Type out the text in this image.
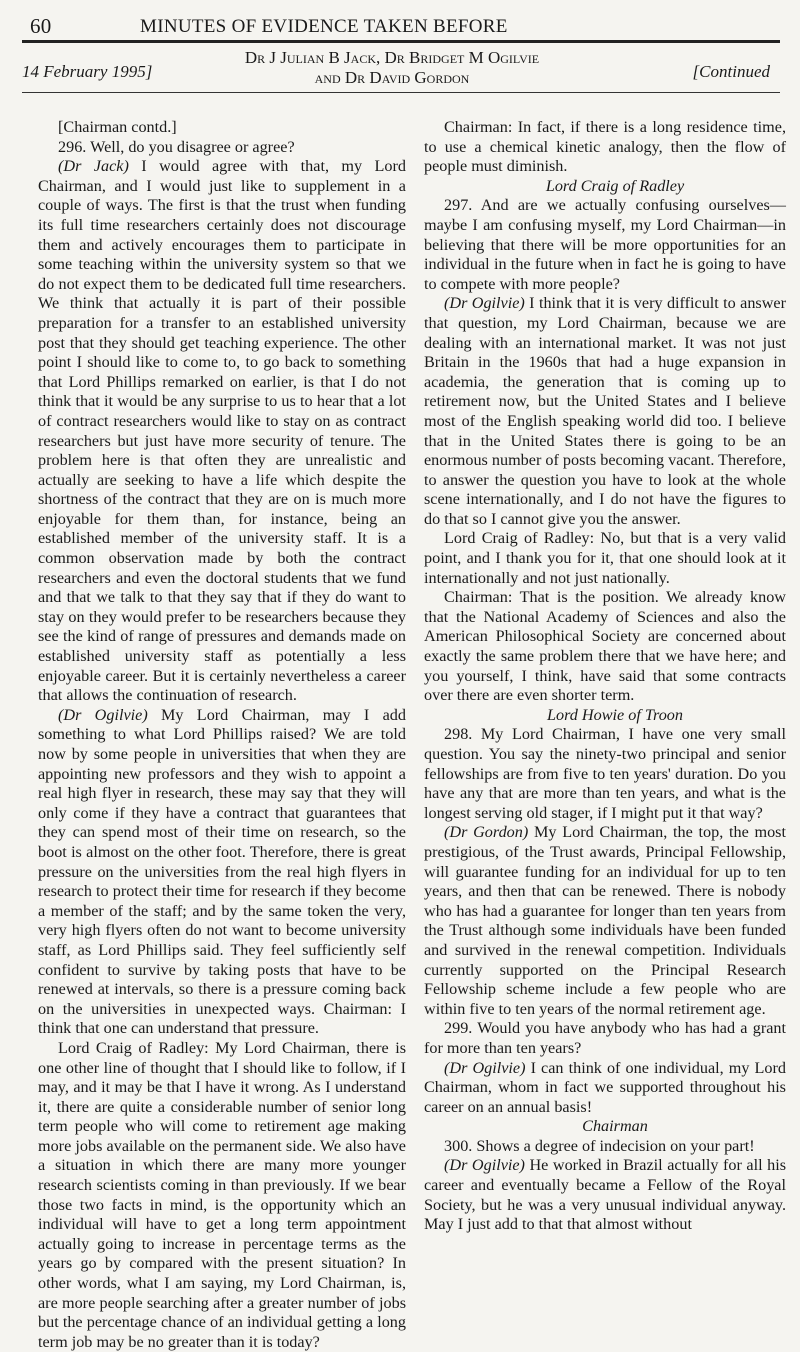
60	MINUTES OF EVIDENCE TAKEN BEFORE
14 February 1995]
Dr J Julian B Jack, Dr Bridget M Ogilvie
and Dr David Gordon	[Continued

[Chairman contd.]

296. Well, do you disagree or agree?

(Dr Jack) I would agree with that, my Lord Chairman, and I would just like to supplement in a couple of ways. The first is that the trust when funding its full time researchers certainly does not discourage them and actively encourages them to participate in some teaching within the university system so that we do not expect them to be dedicated full time researchers. We think that actually it is part of their possible preparation for a transfer to an established university post that they should get teaching experience. The other point I should like to come to, to go back to something that Lord Phillips remarked on earlier, is that I do not think that it would be any surprise to us to hear that a lot of contract researchers would like to stay on as contract researchers but just have more security of tenure. The problem here is that often they are unrealistic and actually are seeking to have a life which despite the shortness of the contract that they are on is much more enjoyable for them than, for instance, being an established member of the university staff. It is a common observation made by both the contract researchers and even the doctoral students that we fund and that we talk to that they say that if they do want to stay on they would prefer to be researchers because they see the kind of range of pressures and demands made on established university staff as potentially a less enjoyable career. But it is certainly nevertheless a career that allows the continuation of research.

(Dr Ogilvie) My Lord Chairman, may I add something to what Lord Phillips raised? We are told now by some people in universities that when they are appointing new professors and they wish to appoint a real high flyer in research, these may say that they will only come if they have a contract that guarantees that they can spend most of their time on research, so the boot is almost on the other foot. Therefore, there is great pressure on the universities from the real high flyers in research to protect their time for research if they become a member of the staff; and by the same token the very, very high flyers often do not want to become university staff, as Lord Phillips said. They feel sufficiently self confident to survive by taking posts that have to be renewed at intervals, so there is a pressure coming back on the universities in unexpected ways. Chairman: I think that one can understand that pressure.

Lord Craig of Radley: My Lord Chairman, there is one other line of thought that I should like to follow, if I may, and it may be that I have it wrong. As I understand it, there are quite a considerable number of senior long term people who will come to retirement age making more jobs available on the permanent side. We also have a situation in which there are many more younger research scientists coming in than previously. If we bear those two facts in mind, is the opportunity which an individual will have to get a long term appointment actually going to increase in percentage terms as the years go by compared with the present situation? In other words, what I am saying, my Lord Chairman, is, are more people searching after a greater number of jobs but the percentage chance of an individual getting a long term job may be no greater than it is today?

Chairman: In fact, if there is a long residence time, to use a chemical kinetic analogy, then the flow of people must diminish.

Lord Craig of Radley

297. And are we actually confusing ourselves—maybe I am confusing myself, my Lord Chairman—in believing that there will be more opportunities for an individual in the future when in fact he is going to have to compete with more people?

(Dr Ogilvie) I think that it is very difficult to answer that question, my Lord Chairman, because we are dealing with an international market. It was not just Britain in the 1960s that had a huge expansion in academia, the generation that is coming up to retirement now, but the United States and I believe most of the English speaking world did too. I believe that in the United States there is going to be an enormous number of posts becoming vacant. Therefore, to answer the question you have to look at the whole scene internationally, and I do not have the figures to do that so I cannot give you the answer.

Lord Craig of Radley: No, but that is a very valid point, and I thank you for it, that one should look at it internationally and not just nationally.

Chairman: That is the position. We already know that the National Academy of Sciences and also the American Philosophical Society are concerned about exactly the same problem there that we have here; and you yourself, I think, have said that some contracts over there are even shorter term.

Lord Howie of Troon

298. My Lord Chairman, I have one very small question. You say the ninety-two principal and senior fellowships are from five to ten years' duration. Do you have any that are more than ten years, and what is the longest serving old stager, if I might put it that way?

(Dr Gordon) My Lord Chairman, the top, the most prestigious, of the Trust awards, Principal Fellowship, will guarantee funding for an individual for up to ten years, and then that can be renewed. There is nobody who has had a guarantee for longer than ten years from the Trust although some individuals have been funded and survived in the renewal competition. Individuals currently supported on the Principal Research Fellowship scheme include a few people who are within five to ten years of the normal retirement age.

299. Would you have anybody who has had a grant for more than ten years?

(Dr Ogilvie) I can think of one individual, my Lord Chairman, whom in fact we supported throughout his career on an annual basis!

Chairman

300. Shows a degree of indecision on your part!

(Dr Ogilvie) He worked in Brazil actually for all his career and eventually became a Fellow of the Royal Society, but he was a very unusual individual anyway. May I just add to that that almost without
